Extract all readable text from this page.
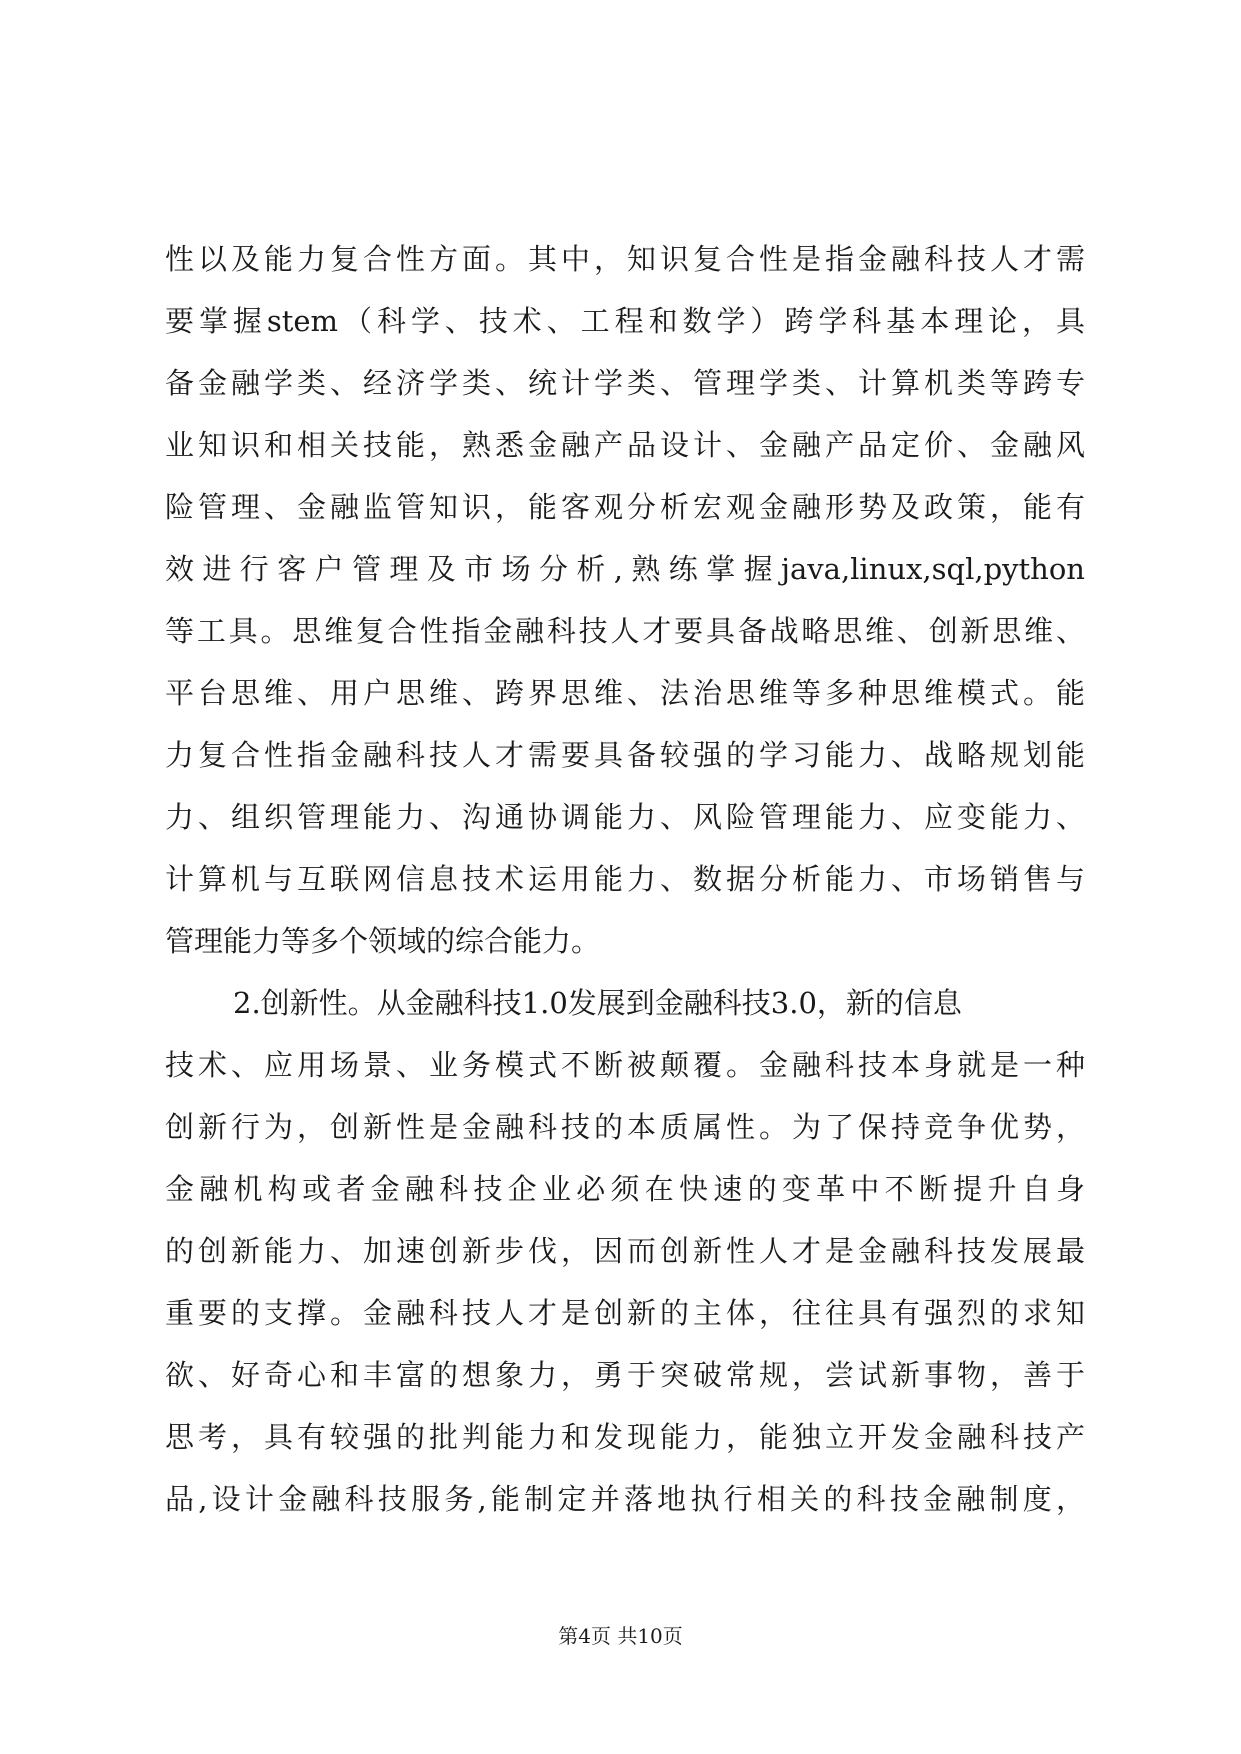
性以及能力复合性方面。其中，知识复合性是指金融科技人才需
要掌握stem（科学、技术、工程和数学）跨学科基本理论，具
备金融学类、经济学类、统计学类、管理学类、计算机类等跨专
业知识和相关技能，熟悉金融产品设计、金融产品定价、金融风
险管理、金融监管知识，能客观分析宏观金融形势及政策，能有
效进行客户管理及市场分析,熟练掌握java,linux,sql,python
等工具。思维复合性指金融科技人才要具备战略思维、创新思维、
平台思维、用户思维、跨界思维、法治思维等多种思维模式。能
力复合性指金融科技人才需要具备较强的学习能力、战略规划能
力、组织管理能力、沟通协调能力、风险管理能力、应变能力、
计算机与互联网信息技术运用能力、数据分析能力、市场销售与
管理能力等多个领域的综合能力。
2.创新性。从金融科技1.0发展到金融科技3.0，新的信息
技术、应用场景、业务模式不断被颠覆。金融科技本身就是一种
创新行为，创新性是金融科技的本质属性。为了保持竞争优势，
金融机构或者金融科技企业必须在快速的变革中不断提升自身
的创新能力、加速创新步伐，因而创新性人才是金融科技发展最
重要的支撑。金融科技人才是创新的主体，往往具有强烈的求知
欲、好奇心和丰富的想象力，勇于突破常规，尝试新事物，善于
思考，具有较强的批判能力和发现能力，能独立开发金融科技产
品,设计金融科技服务,能制定并落地执行相关的科技金融制度，
第4页 共10页
